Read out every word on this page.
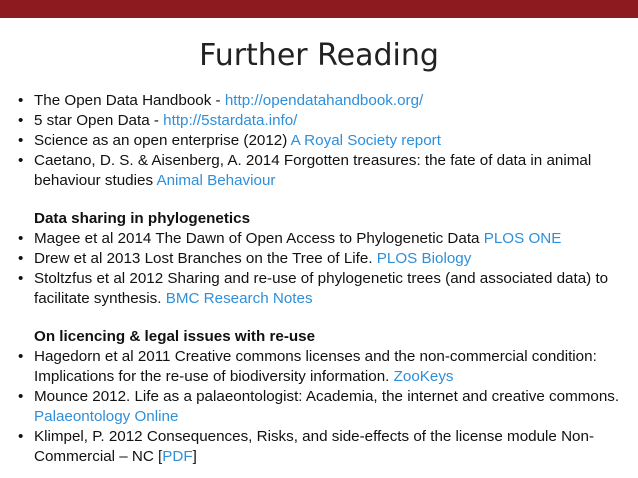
Further Reading
• The Open Data Handbook - http://opendatahandbook.org/
• 5 star Open Data - http://5stardata.info/
• Science as an open enterprise (2012) A Royal Society report
• Caetano, D. S. & Aisenberg, A. 2014 Forgotten treasures: the fate of data in animal behaviour studies Animal Behaviour
Data sharing in phylogenetics
• Magee et al 2014 The Dawn of Open Access to Phylogenetic Data PLOS ONE
• Drew et al 2013 Lost Branches on the Tree of Life. PLOS Biology
• Stoltzfus et al 2012 Sharing and re-use of phylogenetic trees (and associated data) to facilitate synthesis. BMC Research Notes
On licencing & legal issues with re-use
• Hagedorn et al 2011 Creative commons licenses and the non-commercial condition: Implications for the re-use of biodiversity information. ZooKeys
• Mounce 2012. Life as a palaeontologist: Academia, the internet and creative commons. Palaeontology Online
• Klimpel, P. 2012 Consequences, Risks, and side-effects of the license module Non-Commercial – NC [PDF]
